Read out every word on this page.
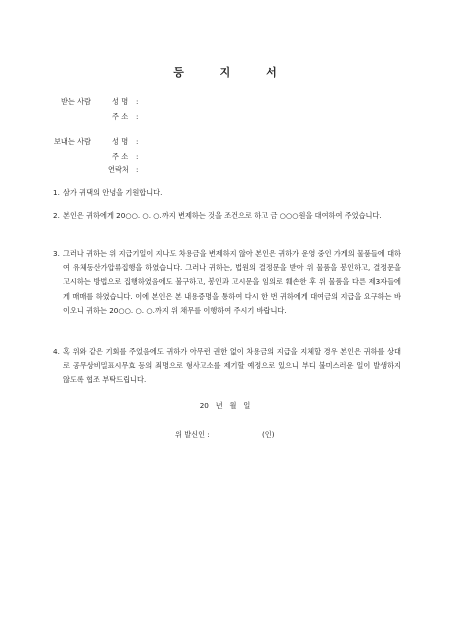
등 지 서
받는 사람	성 명 :
주 소 :
보내는 사람	성 명 :
주 소 :
연락처 :
1. 삼가 귀댁의 안녕을 기원합니다.
2. 본인은 귀하에게 20○○. ○. ○.까지 변제하는 것을 조건으로 하고 금 ○○○원을 대여하여 주었습니다.
3. 그러나 귀하는 위 지급기일이 지나도 차용금을 변제하지 않아 본인은 귀하가 운영 중인 가게의 물품들에 대하여 유체동산가압류집행을 하였습니다. 그러나 귀하는, 법원의 결정문을 받아 위 물품을 봉인하고, 결정문을 고시하는 방법으로 집행하였음에도 불구하고, 봉인과 고시문을 임의로 훼손한 후 위 물품을 다른 제3자들에게 매매를 하였습니다. 이에 본인은 본 내용증명을 통하여 다시 한 번 귀하에게 대여금의 지급을 요구하는 바이오니 귀하는 20○○. ○. ○.까지 위 채무를 이행하여 주시기 바랍니다.
4. 혹 위와 같은 기회를 주었음에도 귀하가 아무런 권한 없이 차용금의 지급을 지체할 경우 본인은 귀하를 상대로 공무상비밀표시무효 등의 죄명으로 형사고소를 제기할 예정으로 있으니 부디 불미스러운 일이 발생하지 않도록 협조 부탁드립니다.
20   년   월   일
위 발신인 :	(인)
